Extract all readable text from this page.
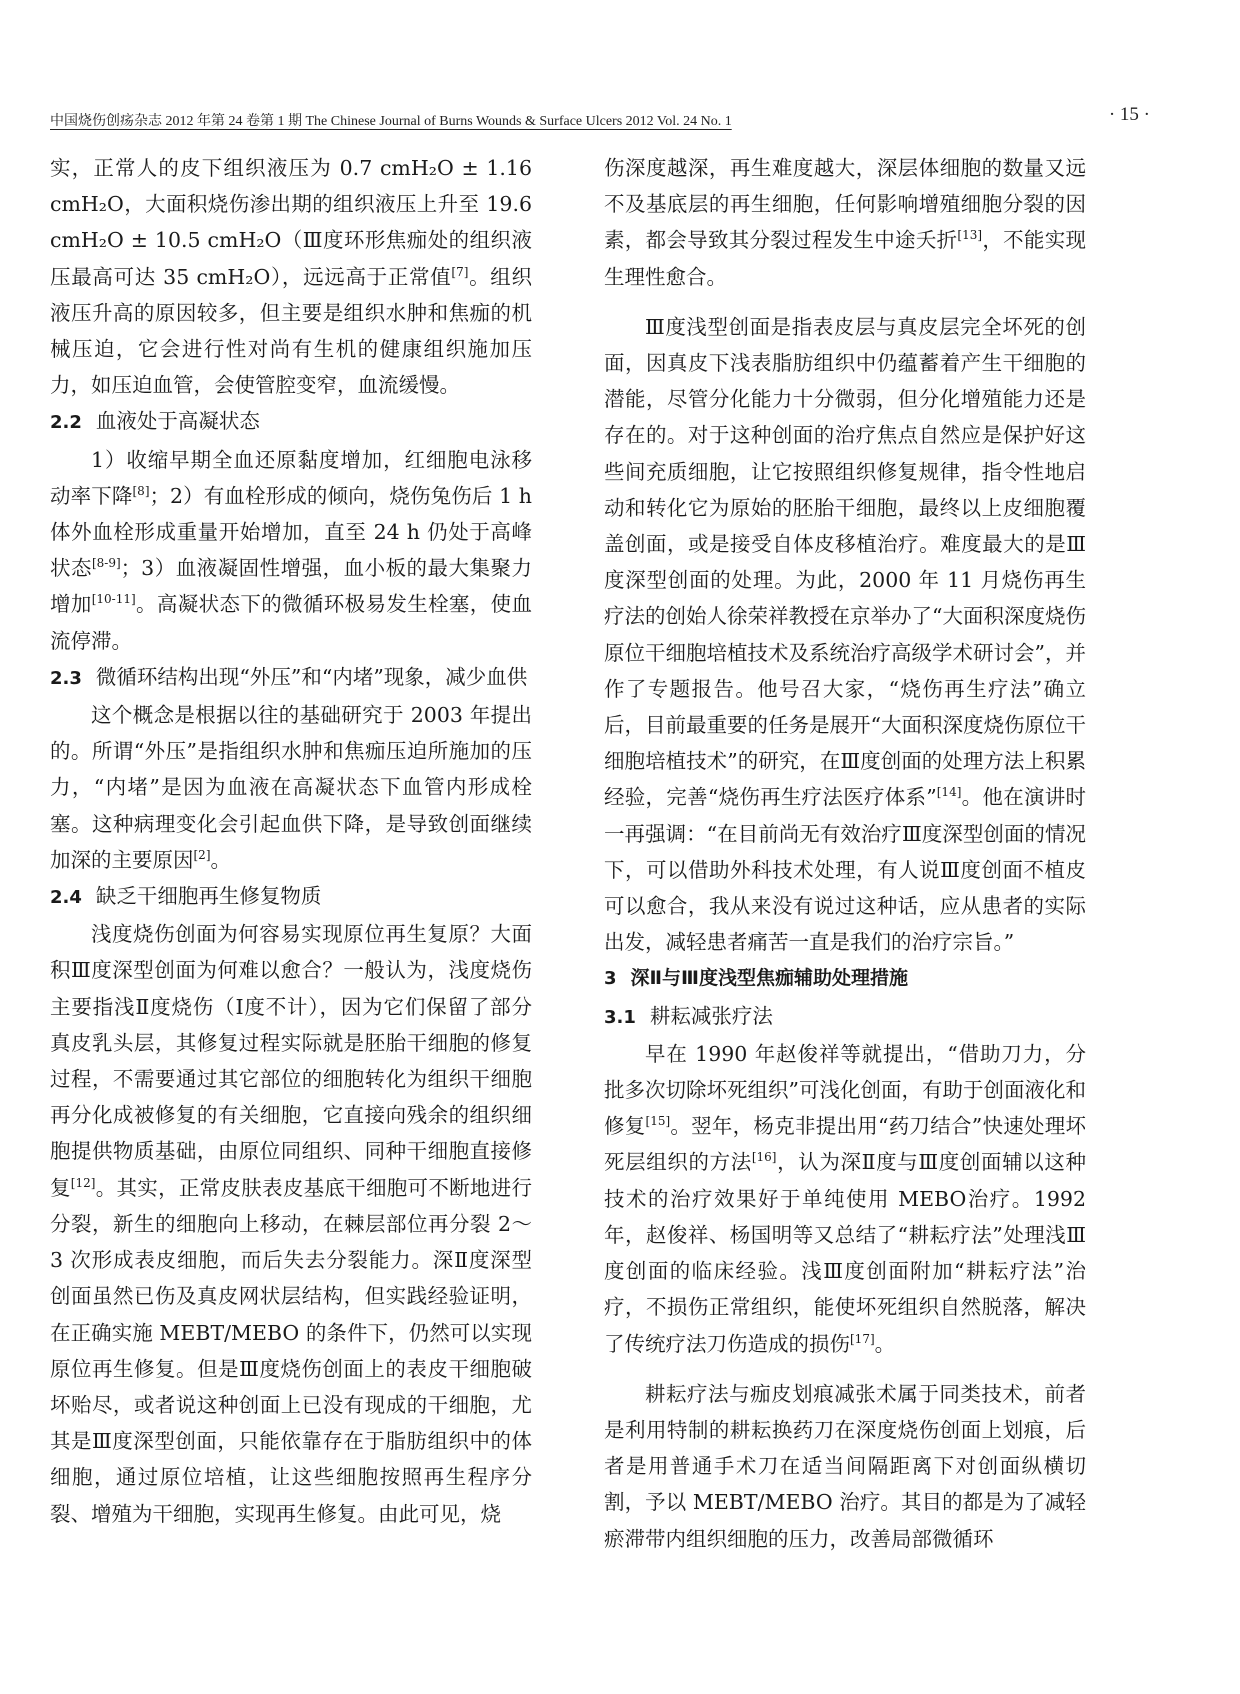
中国烧伤创疡杂志 2012 年第 24 卷第 1 期 The Chinese Journal of Burns Wounds & Surface Ulcers 2012 Vol. 24 No. 1	· 15 ·

实，正常人的皮下组织液压为 0.7 cmH₂O ± 1.16 cmH₂O，大面积烧伤渗出期的组织液压上升至 19.6 cmH₂O ± 10.5 cmH₂O（Ⅲ度环形焦痂处的组织液压最高可达 35 cmH₂O），远远高于正常值[7]。组织液压升高的原因较多，但主要是组织水肿和焦痂的机械压迫，它会进行性对尚有生机的健康组织施加压力，如压迫血管，会使管腔变窄，血流缓慢。

2.2 血液处于高凝状态

1）收缩早期全血还原黏度增加，红细胞电泳移动率下降[8]；2）有血栓形成的倾向，烧伤兔伤后 1 h 体外血栓形成重量开始增加，直至 24 h 仍处于高峰状态[8-9]；3）血液凝固性增强，血小板的最大集聚力增加[10-11]。高凝状态下的微循环极易发生栓塞，使血流停滞。

2.3 微循环结构出现“外压”和“内堵”现象，减少血供

这个概念是根据以往的基础研究于 2003 年提出的。所谓“外压”是指组织水肿和焦痂压迫所施加的压力，“内堵”是因为血液在高凝状态下血管内形成栓塞。这种病理变化会引起血供下降，是导致创面继续加深的主要原因[2]。

2.4 缺乏干细胞再生修复物质

浅度烧伤创面为何容易实现原位再生复原？大面积Ⅲ度深型创面为何难以愈合？一般认为，浅度烧伤主要指浅Ⅱ度烧伤（Ⅰ度不计），因为它们保留了部分真皮乳头层，其修复过程实际就是胚胎干细胞的修复过程，不需要通过其它部位的细胞转化为组织干细胞再分化成被修复的有关细胞，它直接向残余的组织细胞提供物质基础，由原位同组织、同种干细胞直接修复[12]。其实，正常皮肤表皮基底干细胞可不断地进行分裂，新生的细胞向上移动，在棘层部位再分裂 2～3 次形成表皮细胞，而后失去分裂能力。深Ⅱ度深型创面虽然已伤及真皮网状层结构，但实践经验证明，在正确实施 MEBT/MEBO 的条件下，仍然可以实现原位再生修复。但是Ⅲ度烧伤创面上的表皮干细胞破坏贻尽，或者说这种创面上已没有现成的干细胞，尤其是Ⅲ度深型创面，只能依靠存在于脂肪组织中的体细胞，通过原位培植，让这些细胞按照再生程序分裂、增殖为干细胞，实现再生修复。由此可见，烧

伤深度越深，再生难度越大，深层体细胞的数量又远不及基底层的再生细胞，任何影响增殖细胞分裂的因素，都会导致其分裂过程发生中途夭折[13]，不能实现生理性愈合。

Ⅲ度浅型创面是指表皮层与真皮层完全坏死的创面，因真皮下浅表脂肪组织中仍蕴蓄着产生干细胞的潜能，尽管分化能力十分微弱，但分化增殖能力还是存在的。对于这种创面的治疗焦点自然应是保护好这些间充质细胞，让它按照组织修复规律，指令性地启动和转化它为原始的胚胎干细胞，最终以上皮细胞覆盖创面，或是接受自体皮移植治疗。难度最大的是Ⅲ度深型创面的处理。为此，2000 年 11 月烧伤再生疗法的创始人徐荣祥教授在京举办了“大面积深度烧伤原位干细胞培植技术及系统治疗高级学术研讨会”，并作了专题报告。他号召大家，“烧伤再生疗法”确立后，目前最重要的任务是展开“大面积深度烧伤原位干细胞培植技术”的研究，在Ⅲ度创面的处理方法上积累经验，完善“烧伤再生疗法医疗体系”[14]。他在演讲时一再强调：“在目前尚无有效治疗Ⅲ度深型创面的情况下，可以借助外科技术处理，有人说Ⅲ度创面不植皮可以愈合，我从来没有说过这种话，应从患者的实际出发，减轻患者痛苦一直是我们的治疗宗旨。”

3 深Ⅱ与Ⅲ度浅型焦痂辅助处理措施
3.1 耕耘减张疗法

早在 1990 年赵俊祥等就提出，“借助刀力，分批多次切除坏死组织”可浅化创面，有助于创面液化和修复[15]。翌年，杨克非提出用“药刀结合”快速处理坏死层组织的方法[16]，认为深Ⅱ度与Ⅲ度创面辅以这种技术的治疗效果好于单纯使用 MEBO治疗。1992 年，赵俊祥、杨国明等又总结了“耕耘疗法”处理浅Ⅲ度创面的临床经验。浅Ⅲ度创面附加“耕耘疗法”治疗，不损伤正常组织，能使坏死组织自然脱落，解决了传统疗法刀伤造成的损伤[17]。

耕耘疗法与痂皮划痕减张术属于同类技术，前者是利用特制的耕耘换药刀在深度烧伤创面上划痕，后者是用普通手术刀在适当间隔距离下对创面纵横切割，予以 MEBT/MEBO 治疗。其目的都是为了减轻瘀滞带内组织细胞的压力，改善局部微循环
